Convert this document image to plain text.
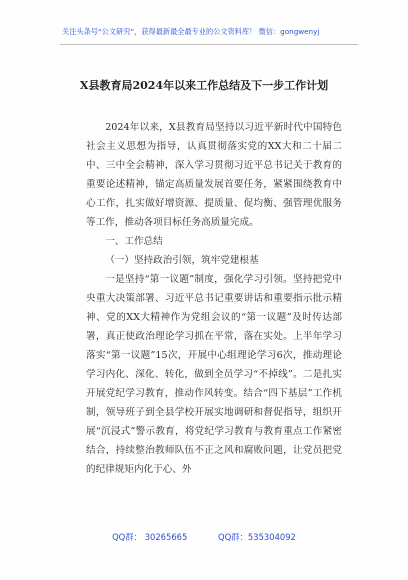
关注头条号“公文研究”，获得最新最全最专业的公文资料库！ 微信：gongwenyj
X县教育局2024年以来工作总结及下一步工作计划

2024年以来，X县教育局坚持以习近平新时代中国特色社会主义思想为指导，认真贯彻落实党的XX大和二十届二中、三中全会精神，深入学习贯彻习近平总书记关于教育的重要论述精神，锚定高质量发展首要任务，紧紧围绕教育中心工作，扎实做好增资源、提质量、促均衡、强管理优服务等工作，推动各项目标任务高质量完成。

一、工作总结

（一）坚持政治引领，筑牢党建根基

一是坚持“第一议题”制度，强化学习引领。坚持把党中央重大决策部署、习近平总书记重要讲话和重要指示批示精神、党的XX大精神作为党组会议的“第一议题”及时传达部署，真正使政治理论学习抓在平常，落在实处。上半年学习落实“第一议题”15次，开展中心组理论学习6次，推动理论学习内化、深化、转化，做到全员学习“不掉线”。二是扎实开展党纪学习教育，推动作风转变。结合“四下基层”工作机制，领导班子到全县学校开展实地调研和督促指导，组织开展“沉浸式”警示教育，将党纪学习教育与教育重点工作紧密结合，持续整治教师队伍不正之风和腐败问题，让党员把党的纪律规矩内化于心、外

QQ群： 30265665	QQ群：535304092
